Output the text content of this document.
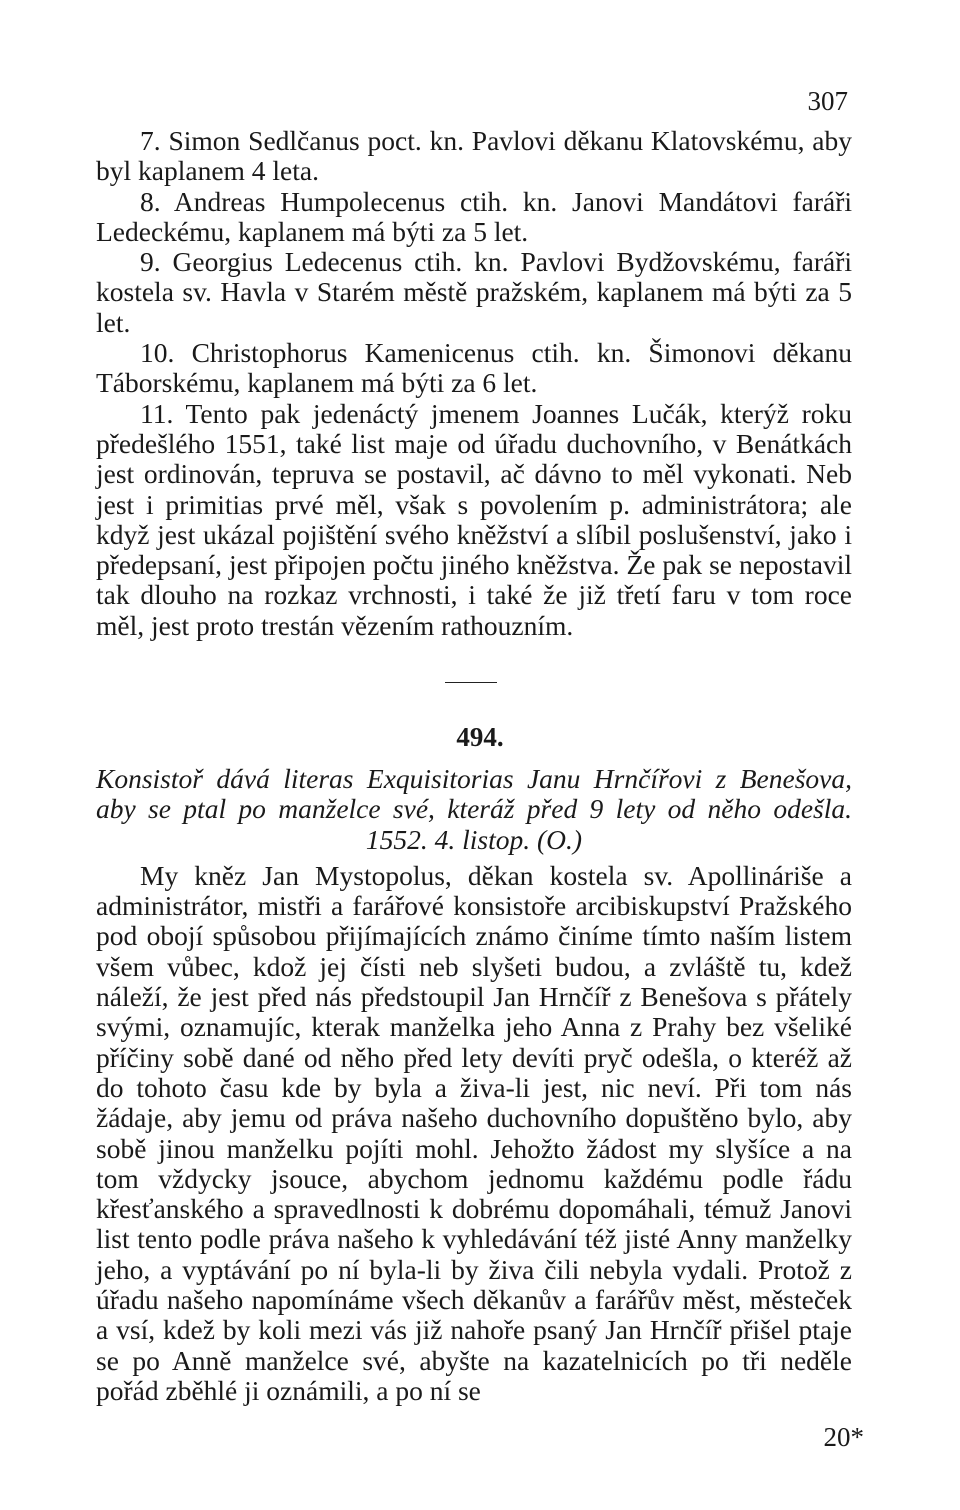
307

7. Simon Sedlčanus poct. kn. Pavlovi děkanu Klatovskému, aby byl kaplanem 4 leta.

8. Andreas Humpolecenus ctih. kn. Janovi Mandátovi faráři Ledeckému, kaplanem má býti za 5 let.

9. Georgius Ledecenus ctih. kn. Pavlovi Bydžovskému, faráři kostela sv. Havla v Starém městě pražském, kaplanem má býti za 5 let.

10. Christophorus Kamenicenus ctih. kn. Šimonovi děkanu Táborskému, kaplanem má býti za 6 let.

11. Tento pak jedenáctý jmenem Joannes Lučák, kterýž roku předešlého 1551, také list maje od úřadu duchovního, v Benátkách jest ordinován, tepruva se postavil, ač dávno to měl vykonati. Neb jest i primitias prvé měl, však s povolením p. administrátora; ale když jest ukázal pojištění svého kněžství a slíbil poslušenství, jako i předepsaní, jest připojen počtu jiného kněžstva. Že pak se nepostavil tak dlouho na rozkaz vrchnosti, i také že již třetí faru v tom roce měl, jest proto trestán vězením rathouzním.

494.

Konsistoř dává literas Exquisitorias Janu Hrnčířovi z Benešova, aby se ptal po manželce své, kteráž před 9 lety od něho odešla. 1552. 4. listop. (O.)

My kněz Jan Mystopolus, děkan kostela sv. Apollináriše a administrátor, mistři a farářové konsistoře arcibiskupství Pražského pod obojí spůsobou přijímajících známo činíme tímto naším listem všem vůbec, kdož jej čísti neb slyšeti budou, a zvláště tu, kdež náleží, že jest před nás předstoupil Jan Hrnčíř z Benešova s přátely svými, oznamujíc, kterak manželka jeho Anna z Prahy bez všeliké příčiny sobě dané od něho před lety devíti pryč odešla, o kteréž až do tohoto času kde by byla a živa-li jest, nic neví. Při tom nás žádaje, aby jemu od práva našeho duchovního dopuštěno bylo, aby sobě jinou manželku pojíti mohl. Jehožto žádost my slyšíce a na tom vždycky jsouce, abychom jednomu každému podle řádu křesťanského a spravedlnosti k dobrému dopomáhali, témuž Janovi list tento podle práva našeho k vyhledávání též jisté Anny manželky jeho, a vyptávání po ní byla-li by živa čili nebyla vydali. Protož z úřadu našeho napomínáme všech děkanův a farářův měst, městeček a vsí, kdež by koli mezi vás již nahoře psaný Jan Hrnčíř přišel ptaje se po Anně manželce své, abyšte na kazatelnicích po tři neděle pořád zběhlé ji oznámili, a po ní se

20*
